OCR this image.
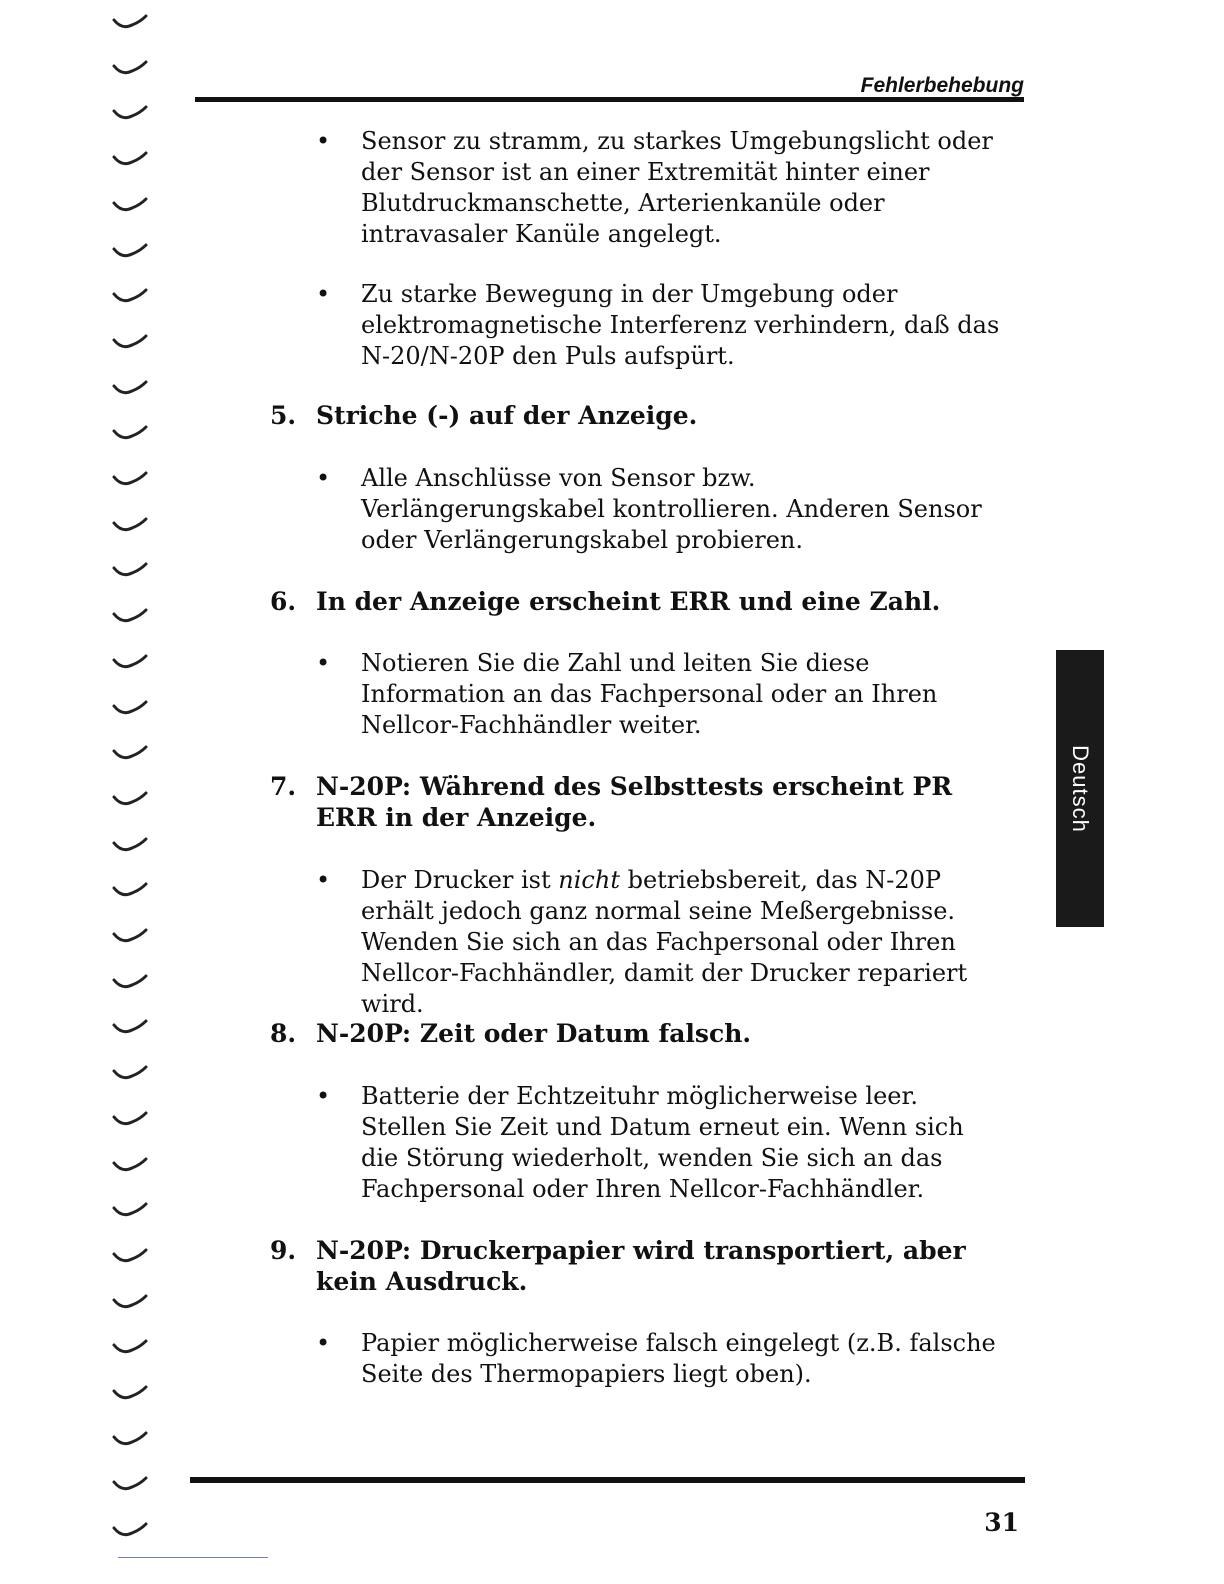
Fehlerbehebung
Deutsch
• Sensor zu stramm, zu starkes Umgebungslicht oder der Sensor ist an einer Extremität hinter einer Blutdruckmanschette, Arterienkanüle oder intravasaler Kanüle angelegt.
• Zu starke Bewegung in der Umgebung oder elektromagnetische Interferenz verhindern, daß das N-20/N-20P den Puls aufspürt.
5. Striche (-) auf der Anzeige.
• Alle Anschlüsse von Sensor bzw. Verlängerungskabel kontrollieren. Anderen Sensor oder Verlängerungskabel probieren.
6. In der Anzeige erscheint ERR und eine Zahl.
• Notieren Sie die Zahl und leiten Sie diese Information an das Fachpersonal oder an Ihren Nellcor-Fachhändler weiter.
7. N-20P: Während des Selbsttests erscheint PR ERR in der Anzeige.
• Der Drucker ist nicht betriebsbereit, das N-20P erhält jedoch ganz normal seine Meßergebnisse. Wenden Sie sich an das Fachpersonal oder Ihren Nellcor-Fachhändler, damit der Drucker repariert wird.
8. N-20P: Zeit oder Datum falsch.
• Batterie der Echtzeituhr möglicherweise leer. Stellen Sie Zeit und Datum erneut ein. Wenn sich die Störung wiederholt, wenden Sie sich an das Fachpersonal oder Ihren Nellcor-Fachhändler.
9. N-20P: Druckerpapier wird transportiert, aber kein Ausdruck.
• Papier möglicherweise falsch eingelegt (z.B. falsche Seite des Thermopapiers liegt oben).
31
